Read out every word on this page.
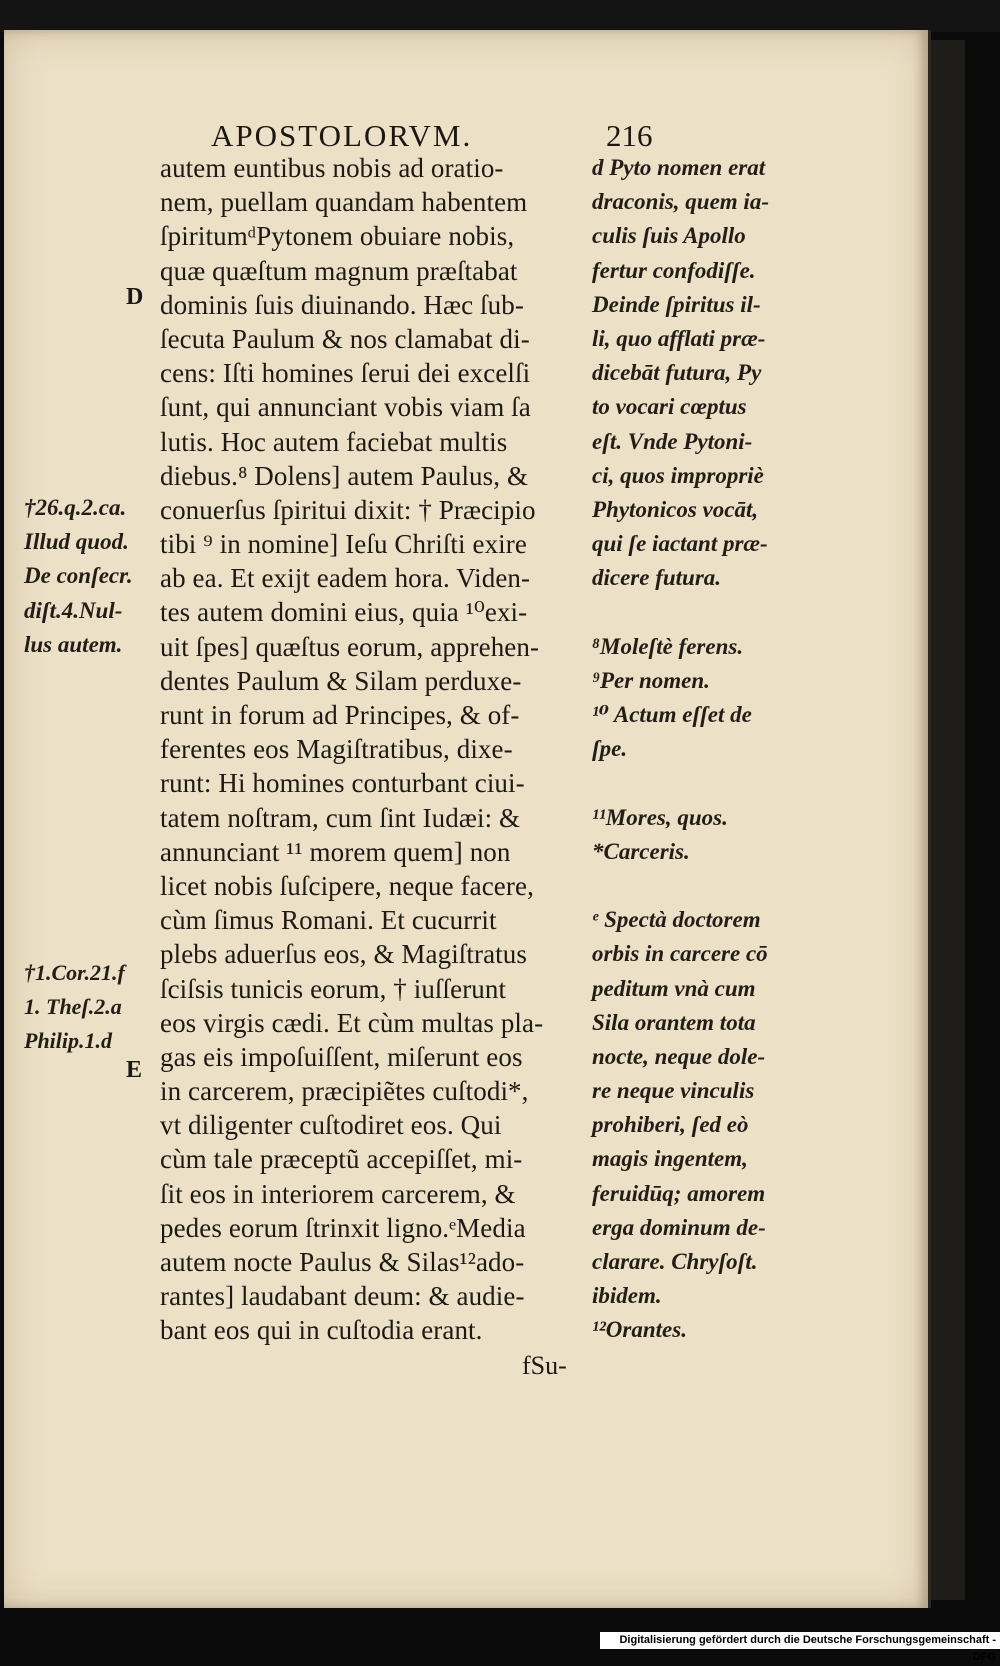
APOSTOLORVM.	216
D
E
autem euntibus nobis ad oratio-
nem, puellam quandam habentem
ſpiritumᵈPytonem obuiare nobis,
quæ quæſtum magnum præſtabat
dominis ſuis diuinando. Hæc ſub-
ſecuta Paulum & nos clamabat di-
cens: Iſti homines ſerui dei excelſi
ſunt, qui annunciant vobis viam ſa
lutis. Hoc autem faciebat multis
diebus.⁸ Dolens] autem Paulus, &
conuerſus ſpiritui dixit: † Præcipio
tibi ⁹ in nomine] Ieſu Chriſti exire
ab ea. Et exijt eadem hora. Viden-
tes autem domini eius, quia ¹⁰exi-
uit ſpes] quæſtus eorum, apprehen-
dentes Paulum & Silam perduxe-
runt in forum ad Principes, & of-
ferentes eos Magiſtratibus, dixe-
runt: Hi homines conturbant ciui-
tatem noſtram, cum ſint Iudæi: &
annunciant ¹¹ morem quem] non
licet nobis ſuſcipere, neque facere,
cùm ſimus Romani. Et cucurrit
plebs aduerſus eos, & Magiſtratus
ſciſsis tunicis eorum, † iuſſerunt
eos virgis cædi. Et cùm multas pla-
gas eis impoſuiſſent, miſerunt eos
in carcerem, præcipiẽtes cuſtodi*,
vt diligenter cuſtodiret eos. Qui
cùm tale præceptũ accepiſſet, mi-
ſit eos in interiorem carcerem, &
pedes eorum ſtrinxit ligno.ᵉMedia
autem nocte Paulus & Silas¹²ado-
rantes] laudabant deum: & audie-
bant eos qui in cuſtodia erant.
d Pyto nomen erat
draconis, quem ia-
culis ſuis Apollo
fertur confodiſſe.
Deinde ſpiritus il-
li, quo afflati præ-
dicebāt futura, Py
to vocari cœptus
eſt. Vnde Pytoni-
ci, quos impropriè
Phytonicos vocāt,
qui ſe iactant præ-
dicere futura.
⁸Moleſtè ferens.
⁹Per nomen.
¹⁰ Actum eſſet de
ſpe.
¹¹Mores, quos.
*Carceris.
ᵉ Spectà doctorem
orbis in carcere cō
peditum vnà cum
Sila orantem tota
nocte, neque dole-
re neque vinculis
prohiberi, ſed eò
magis ingentem,
feruidūq; amorem
erga dominum de-
clarare. Chryſoſt.
ibidem.
¹²Orantes.
†26.q.2.ca.
Illud quod.
De conſecr.
diſt.4.Nul-
lus autem.
†1.Cor.21.f
1. Theſ.2.a
Philip.1.d
fSu-
Digitalisierung gefördert durch die Deutsche Forschungsgemeinschaft - DFG
